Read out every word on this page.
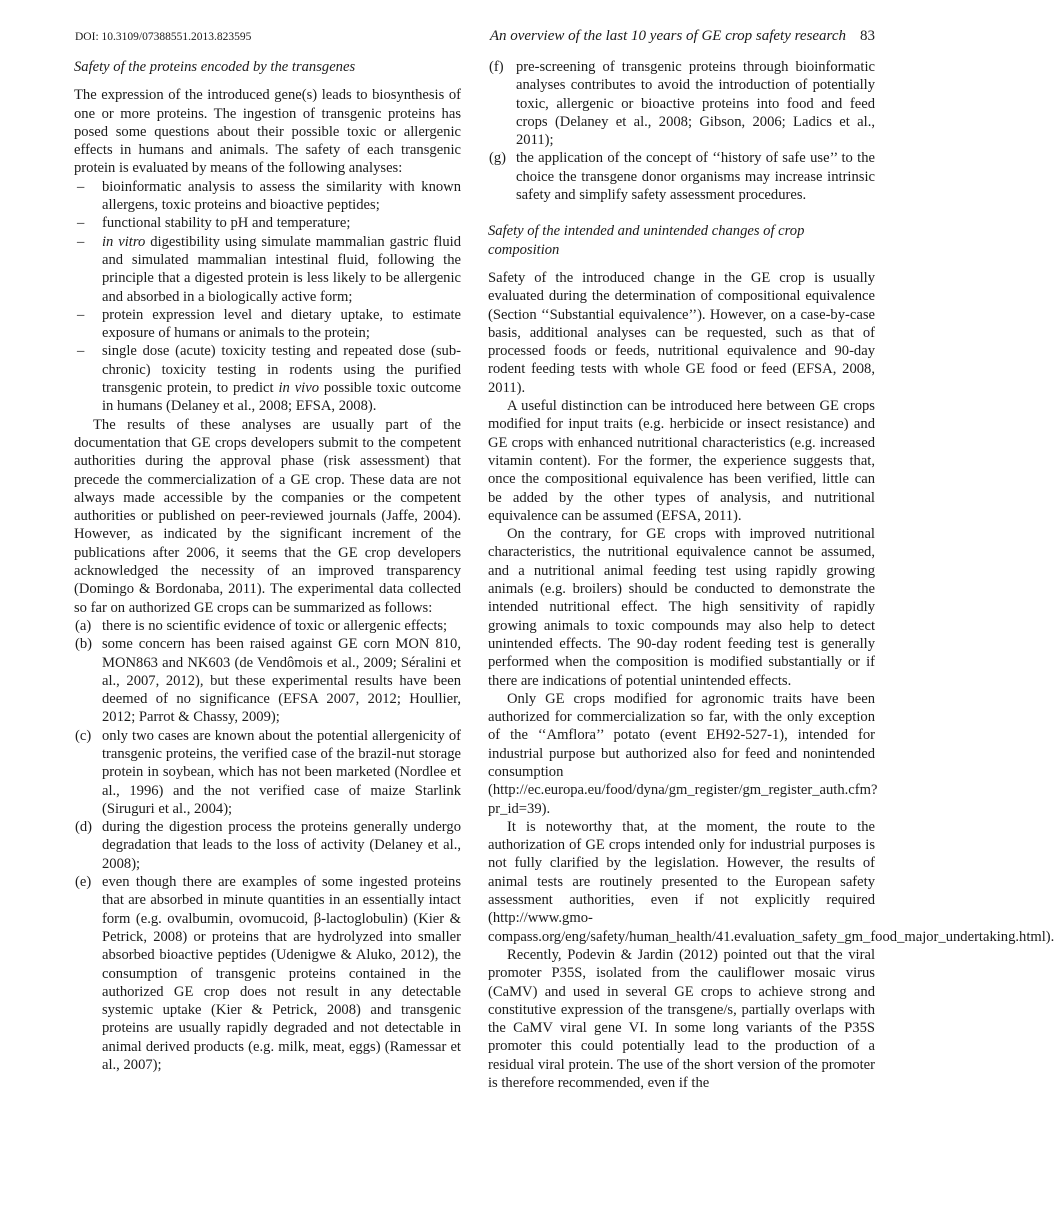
DOI: 10.3109/07388551.2013.823595	An overview of the last 10 years of GE crop safety research 83
Safety of the proteins encoded by the transgenes

The expression of the introduced gene(s) leads to biosynthesis of one or more proteins. The ingestion of transgenic proteins has posed some questions about their possible toxic or allergenic effects in humans and animals. The safety of each transgenic protein is evaluated by means of the following analyses:

– bioinformatic analysis to assess the similarity with known allergens, toxic proteins and bioactive peptides;
– functional stability to pH and temperature;
– in vitro digestibility using simulate mammalian gastric fluid and simulated mammalian intestinal fluid, following the principle that a digested protein is less likely to be allergenic and absorbed in a biologically active form;
– protein expression level and dietary uptake, to estimate exposure of humans or animals to the protein;
– single dose (acute) toxicity testing and repeated dose (sub-chronic) toxicity testing in rodents using the purified transgenic protein, to predict in vivo possible toxic outcome in humans (Delaney et al., 2008; EFSA, 2008).

The results of these analyses are usually part of the documentation that GE crops developers submit to the competent authorities during the approval phase (risk assessment) that precede the commercialization of a GE crop. These data are not always made accessible by the companies or the competent authorities or published on peer-reviewed journals (Jaffe, 2004). However, as indicated by the significant increment of the publications after 2006, it seems that the GE crop developers acknowledged the necessity of an improved transparency (Domingo & Bordonaba, 2011). The experimental data collected so far on authorized GE crops can be summarized as follows:

(a) there is no scientific evidence of toxic or allergenic effects;
(b) some concern has been raised against GE corn MON 810, MON863 and NK603 (de Vendômois et al., 2009; Séralini et al., 2007, 2012), but these experimental results have been deemed of no significance (EFSA 2007, 2012; Houllier, 2012; Parrot & Chassy, 2009);
(c) only two cases are known about the potential allergenicity of transgenic proteins, the verified case of the brazil-nut storage protein in soybean, which has not been marketed (Nordlee et al., 1996) and the not verified case of maize Starlink (Siruguri et al., 2004);
(d) during the digestion process the proteins generally undergo degradation that leads to the loss of activity (Delaney et al., 2008);
(e) even though there are examples of some ingested proteins that are absorbed in minute quantities in an essentially intact form (e.g. ovalbumin, ovomucoid, β-lactoglobulin) (Kier & Petrick, 2008) or proteins that are hydrolyzed into smaller absorbed bioactive peptides (Udenigwe & Aluko, 2012), the consumption of transgenic proteins contained in the authorized GE crop does not result in any detectable systemic uptake (Kier & Petrick, 2008) and transgenic proteins are usually rapidly degraded and not detectable in animal derived products (e.g. milk, meat, eggs) (Ramessar et al., 2007);
(f) pre-screening of transgenic proteins through bioinformatic analyses contributes to avoid the introduction of potentially toxic, allergenic or bioactive proteins into food and feed crops (Delaney et al., 2008; Gibson, 2006; Ladics et al., 2011);
(g) the application of the concept of ‘‘history of safe use’’ to the choice the transgene donor organisms may increase intrinsic safety and simplify safety assessment procedures.
Safety of the intended and unintended changes of crop composition

Safety of the introduced change in the GE crop is usually evaluated during the determination of compositional equivalence (Section ‘‘Substantial equivalence’’). However, on a case-by-case basis, additional analyses can be requested, such as that of processed foods or feeds, nutritional equivalence and 90-day rodent feeding tests with whole GE food or feed (EFSA, 2008, 2011).

A useful distinction can be introduced here between GE crops modified for input traits (e.g. herbicide or insect resistance) and GE crops with enhanced nutritional characteristics (e.g. increased vitamin content). For the former, the experience suggests that, once the compositional equivalence has been verified, little can be added by the other types of analysis, and nutritional equivalence can be assumed (EFSA, 2011).

On the contrary, for GE crops with improved nutritional characteristics, the nutritional equivalence cannot be assumed, and a nutritional animal feeding test using rapidly growing animals (e.g. broilers) should be conducted to demonstrate the intended nutritional effect. The high sensitivity of rapidly growing animals to toxic compounds may also help to detect unintended effects. The 90-day rodent feeding test is generally performed when the composition is modified substantially or if there are indications of potential unintended effects.

Only GE crops modified for agronomic traits have been authorized for commercialization so far, with the only exception of the ‘‘Amflora’’ potato (event EH92-527-1), intended for industrial purpose but authorized also for feed and nonintended consumption (http://ec.europa.eu/food/dyna/gm_register/gm_register_auth.cfm?pr_id=39).

It is noteworthy that, at the moment, the route to the authorization of GE crops intended only for industrial purposes is not fully clarified by the legislation. However, the results of animal tests are routinely presented to the European safety assessment authorities, even if not explicitly required (http://www.gmo-compass.org/eng/safety/human_health/41.evaluation_safety_gm_food_major_undertaking.html).

Recently, Podevin & Jardin (2012) pointed out that the viral promoter P35S, isolated from the cauliflower mosaic virus (CaMV) and used in several GE crops to achieve strong and constitutive expression of the transgene/s, partially overlaps with the CaMV viral gene VI. In some long variants of the P35S promoter this could potentially lead to the production of a residual viral protein. The use of the short version of the promoter is therefore recommended, even if the
